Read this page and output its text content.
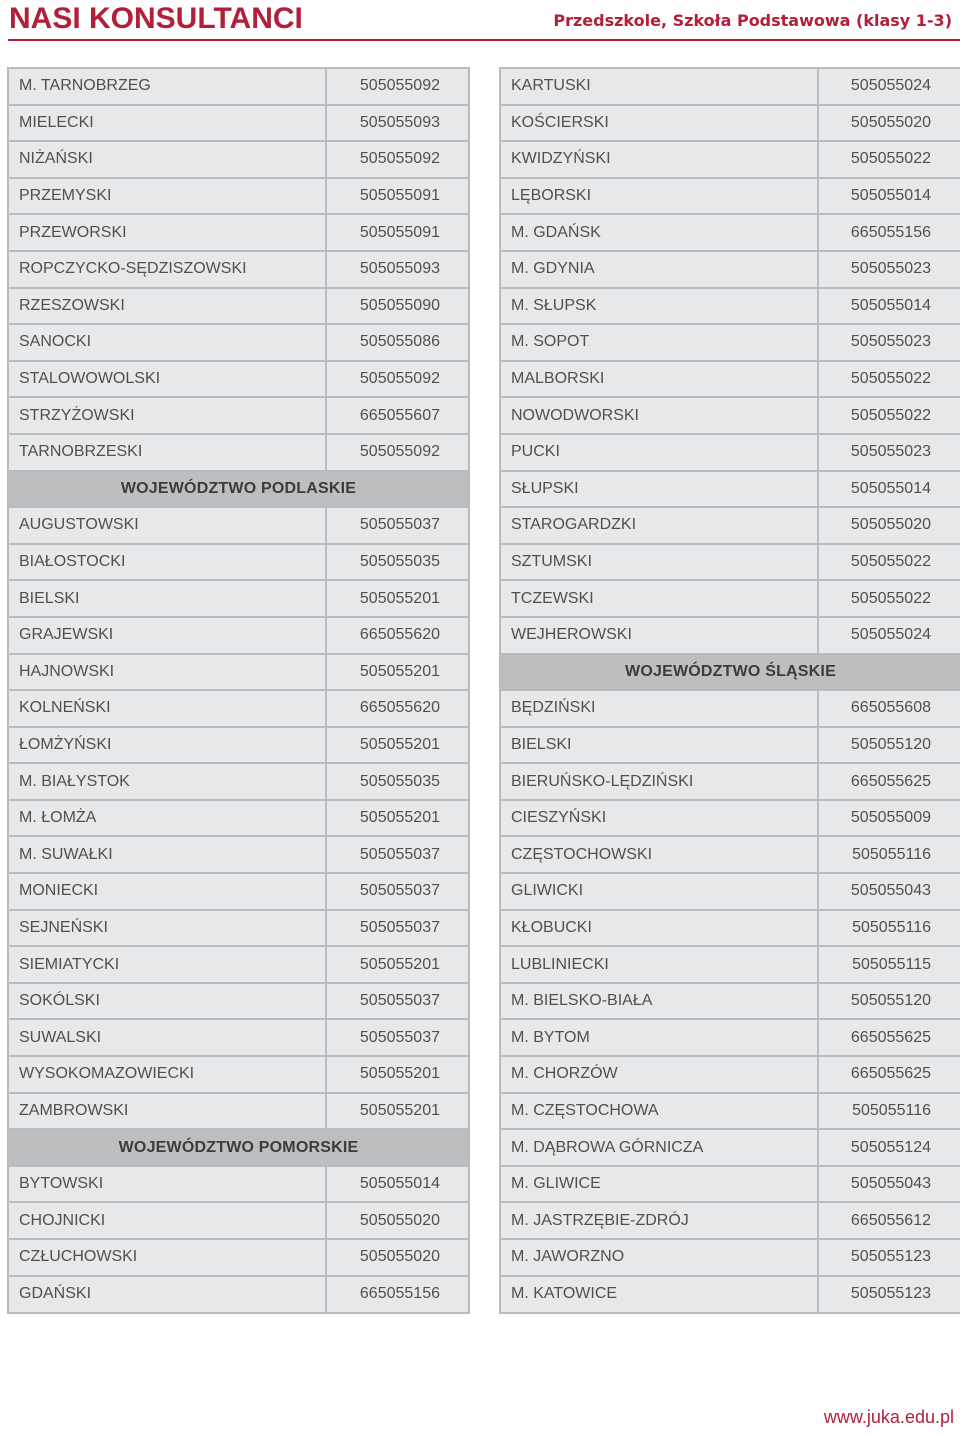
NASI KONSULTANCI	Przedszkole, Szkoła Podstawowa (klasy 1-3)
M. TARNOBRZEG	505055092
MIELECKI	505055093
NIŻAŃSKI	505055092
PRZEMYSKI	505055091
PRZEWORSKI	505055091
ROPCZYCKO-SĘDZISZOWSKI	505055093
RZESZOWSKI	505055090
SANOCKI	505055086
STALOWOWOLSKI	505055092
STRZYŻOWSKI	665055607
TARNOBRZESKI	505055092
WOJEWÓDZTWO PODLASKIE
AUGUSTOWSKI	505055037
BIAŁOSTOCKI	505055035
BIELSKI	505055201
GRAJEWSKI	665055620
HAJNOWSKI	505055201
KOLNEŃSKI	665055620
ŁOMŻYŃSKI	505055201
M. BIAŁYSTOK	505055035
M. ŁOMŻA	505055201
M. SUWAŁKI	505055037
MONIECKI	505055037
SEJNEŃSKI	505055037
SIEMIATYCKI	505055201
SOKÓLSKI	505055037
SUWALSKI	505055037
WYSOKOMAZOWIECKI	505055201
ZAMBROWSKI	505055201
WOJEWÓDZTWO POMORSKIE
BYTOWSKI	505055014
CHOJNICKI	505055020
CZŁUCHOWSKI	505055020
GDAŃSKI	665055156
KARTUSKI	505055024
KOŚCIERSKI	505055020
KWIDZYŃSKI	505055022
LĘBORSKI	505055014
M. GDAŃSK	665055156
M. GDYNIA	505055023
M. SŁUPSK	505055014
M. SOPOT	505055023
MALBORSKI	505055022
NOWODWORSKI	505055022
PUCKI	505055023
SŁUPSKI	505055014
STAROGARDZKI	505055020
SZTUMSKI	505055022
TCZEWSKI	505055022
WEJHEROWSKI	505055024
WOJEWÓDZTWO ŚLĄSKIE
BĘDZIŃSKI	665055608
BIELSKI	505055120
BIERUŃSKO-LĘDZIŃSKI	665055625
CIESZYŃSKI	505055009
CZĘSTOCHOWSKI	505055116
GLIWICKI	505055043
KŁOBUCKI	505055116
LUBLINIECKI	505055115
M. BIELSKO-BIAŁA	505055120
M. BYTOM	665055625
M. CHORZÓW	665055625
M. CZĘSTOCHOWA	505055116
M. DĄBROWA GÓRNICZA	505055124
M. GLIWICE	505055043
M. JASTRZĘBIE-ZDRÓJ	665055612
M. JAWORZNO	505055123
M. KATOWICE	505055123
www.juka.edu.pl
